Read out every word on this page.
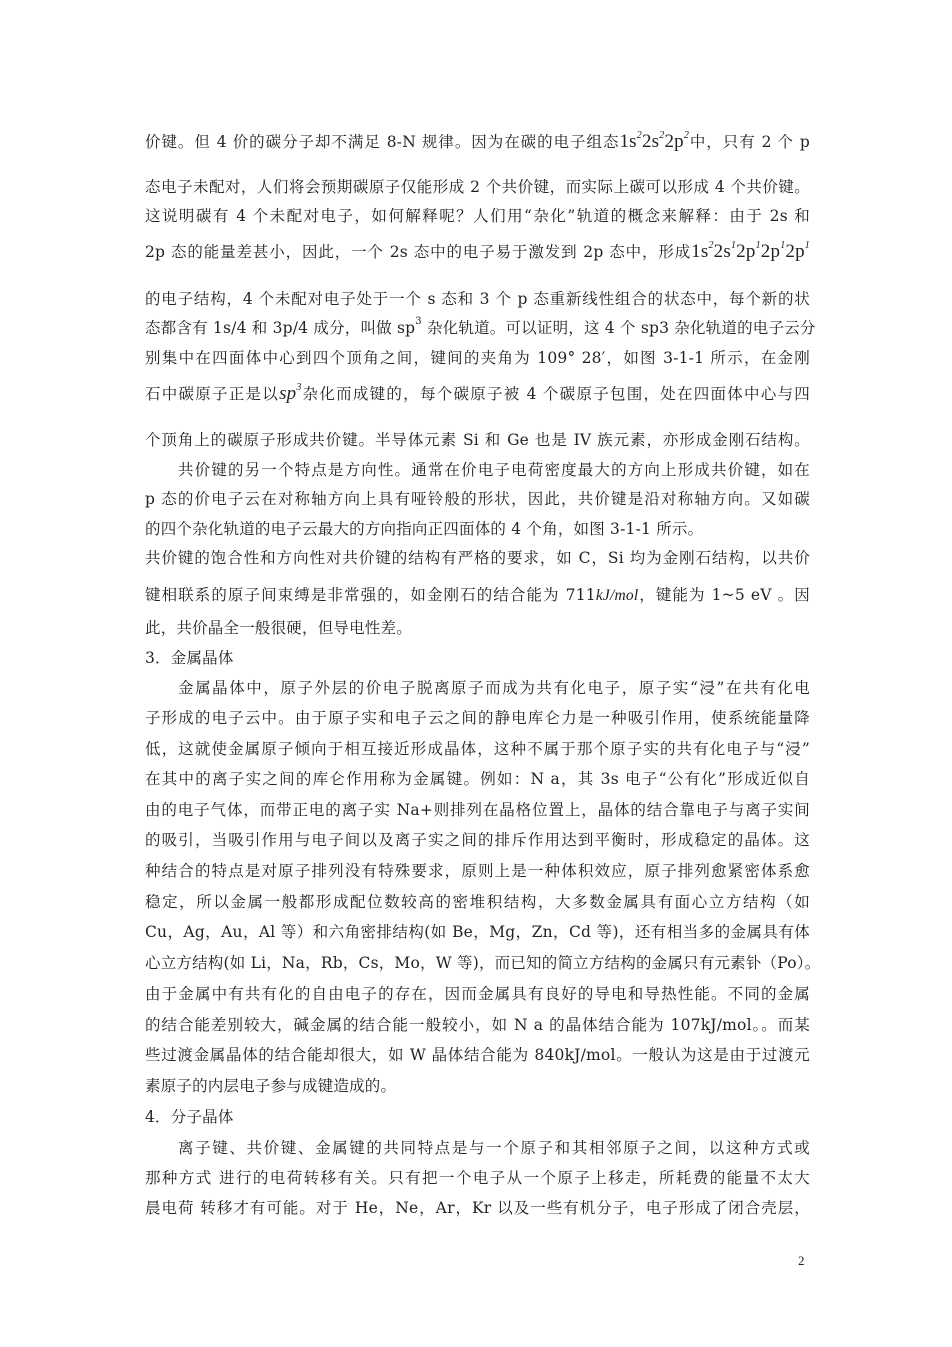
价键。但 4 价的碳分子却不满足 8-N 规律。因为在碳的电子组态$1s^22s^22p^2$中，只有 2 个 p
态电子未配对，人们将会预期碳原子仅能形成 2 个共价键，而实际上碳可以形成 4 个共价键。
这说明碳有 4 个未配对电子，如何解释呢？人们用“杂化”轨道的概念来解释：由于 2s 和
2p 态的能量差甚小，因此，一个 2s 态中的电子易于激发到 2p 态中，形成$1s^22s^12p^12p^12p^1$
的电子结构，4 个未配对电子处于一个 s 态和 3 个 p 态重新线性组合的状态中，每个新的状
态都含有 1s/4 和 3p/4 成分，叫做 $sp^3$ 杂化轨道。可以证明，这 4 个 sp3 杂化轨道的电子云分
别集中在四面体中心到四个顶角之间，键间的夹角为 109° 28′，如图 3-1-1 所示，在金刚
石中碳原子正是以$sp^3$杂化而成键的，每个碳原子被 4 个碳原子包围，处在四面体中心与四
个顶角上的碳原子形成共价键。半导体元素 Si 和 Ge 也是 IV 族元素，亦形成金刚石结构。
共价键的另一个特点是方向性。通常在价电子电荷密度最大的方向上形成共价键，如在
p 态的价电子云在对称轴方向上具有哑铃般的形状，因此，共价键是沿对称轴方向。又如碳
的四个杂化轨道的电子云最大的方向指向正四面体的 4 个角，如图 3-1-1 所示。
共价键的饱合性和方向性对共价键的结构有严格的要求，如 C，Si 均为金刚石结构，以共价
键相联系的原子间束缚是非常强的，如金刚石的结合能为 711kJ/mol，键能为 1~5 eV 。因
此，共价晶全一般很硬，但导电性差。
3．金属晶体
金属晶体中，原子外层的价电子脱离原子而成为共有化电子，原子实“浸”在共有化电
子形成的电子云中。由于原子实和电子云之间的静电库仑力是一种吸引作用，使系统能量降
低，这就使金属原子倾向于相互接近形成晶体，这种不属于那个原子实的共有化电子与“浸”
在其中的离子实之间的库仑作用称为金属键。例如：N a，其 3s 电子“公有化”形成近似自
由的电子气体，而带正电的离子实 Na+则排列在晶格位置上，晶体的结合靠电子与离子实间
的吸引，当吸引作用与电子间以及离子实之间的排斥作用达到平衡时，形成稳定的晶体。这
种结合的特点是对原子排列没有特殊要求，原则上是一种体积效应，原子排列愈紧密体系愈
稳定，所以金属一般都形成配位数较高的密堆积结构，大多数金属具有面心立方结构（如
Cu，Ag，Au，Al 等）和六角密排结构(如 Be，Mg，Zn，Cd 等)，还有相当多的金属具有体
心立方结构(如 Li，Na，Rb，Cs，Mo，W 等)，而已知的简立方结构的金属只有元素钋（Po）。
由于金属中有共有化的自由电子的存在，因而金属具有良好的导电和导热性能。不同的金属
的结合能差别较大，碱金属的结合能一般较小，如 N a 的晶体结合能为 107kJ/mol。。而某
些过渡金属晶体的结合能却很大，如 W 晶体结合能为 840kJ/mol。一般认为这是由于过渡元
素原子的内层电子参与成键造成的。
4．分子晶体
离子键、共价键、金属键的共同特点是与一个原子和其相邻原子之间，以这种方式或
那种方式 进行的电荷转移有关。只有把一个电子从一个原子上移走，所耗费的能量不太大
晨电荷 转移才有可能。对于 He，Ne，Ar，Kr 以及一些有机分子，电子形成了闭合壳层，
2
